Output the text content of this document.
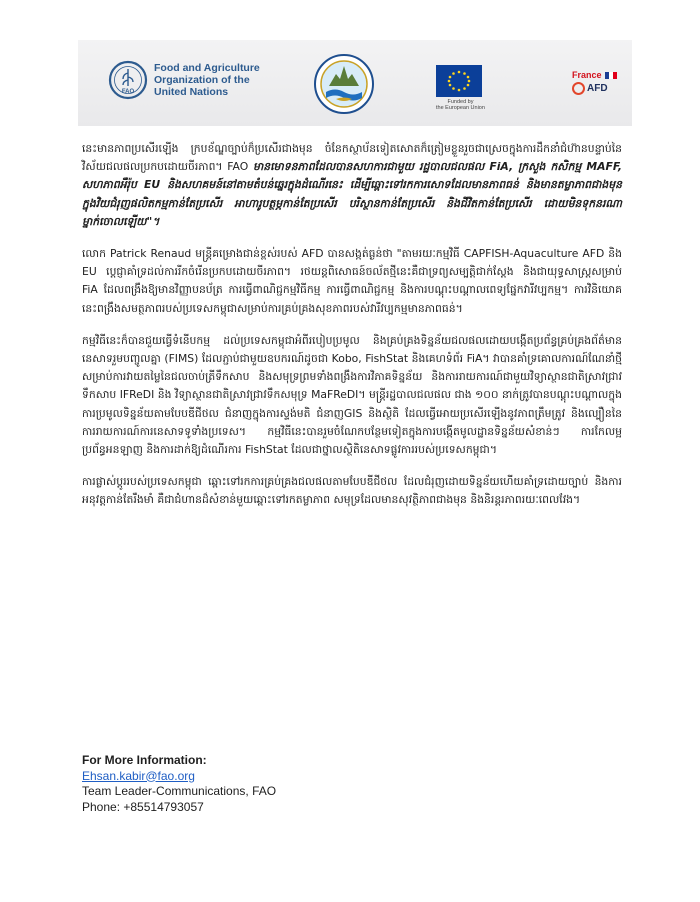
FAO
Food and Agriculture
Organization of the
United Nations
Funded by
the European Union
France
AFD

នេះមានភាពប្រសើរឡើង ក្របខ័ណ្ឌច្បាប់ក៏ប្រសើរជាងមុន ចំនែកស្ថាប័នទៀតសោតក៏ត្រៀមខ្លួនរួចជាស្រេចក្នុងការដឹកនាំជំហ៊ានបន្ទាប់នៃវិស័យជលផលប្រកបដោយចីរភាព។ FAO មានមោទនភាពដែលបានសហការជាមួយ រដ្ឋបាលជលផល FiA, ក្រសួង កសិកម្ម MAFF, សហភាពអឺរ៉ុប EU និងសហគមន៍នៅតាមតំបន់ឆ្នេរក្នុងដំណើរនេះ ដើម្បីឆ្ពោះទៅរកការសោទដែលមានភាពធន់ និងមានតម្លាភាពជាងមុន ក្នុងវិយជំរុញផលិតកម្មកាន់តែប្រសើរ អាហារូបត្ថម្ភកាន់តែប្រសើរ បរិស្ថានកាន់តែប្រសើរ និងជីវិតកាន់តែប្រសើរ ដោយមិនទុកនរណាម្នាក់ចោលឡើយ"។

លោក Patrick Renaud មន្ត្រីគម្រោងជាន់ខ្ពស់របស់ AFD បានសង្កត់ធ្ងន់ថា "តាមរយៈកម្មវិធី CAPFISH-Aquaculture AFD និង EU ប្តេជ្ញាគាំទ្រដល់ការរីកចំរើនប្រកបដោយចីរភាព។ រថយន្តពិសោធន៍ចល័តថ្មីនេះគឺជាទ្រព្យសម្បត្តិជាក់ស្តែង និងជាយុទ្ធសាស្ត្រសម្រាប់ FiA ដែលពង្រឹងឱ្យមានវិញ្ញាបនប័ត្រ ការធ្វើពាណិជ្ជកម្មវិធីកម្ម ការធ្វើពាណិជ្ជកម្ម និងការបណ្តុះបណ្តាលពេទ្យផ្នែកវារីវប្បកម្ម។ ការវិនិយោគនេះពង្រឹងសមត្ថភាពរបស់ប្រទេសកម្ពុជាសម្រាប់ការគ្រប់គ្រងសុខភាពរបស់វារីវប្បកម្មមានភាពធន់។

កម្មវិធីនេះក៏បានជួយធ្វើទំនើបកម្ម ដល់ប្រទេសកម្ពុជាអំពីរបៀបប្រមូល និងគ្រប់គ្រងទិន្នន័យជលផលដោយបង្កើតប្រព័ន្ធគ្រប់គ្រងព័ត៌មាននេសាទរួមបញ្ចូលគ្នា (FIMS) ដែលភ្ជាប់ជាមួយឧបករណ៍ដូចជា Kobo, FishStat និងគេហទំព័រ FiA។ វាបានគាំទ្រគោលការណ៍ណែនាំថ្មីសម្រាប់ការវាយតម្លៃនៃជលចាប់ត្រីទឹកសាប និងសមុទ្រព្រមទាំងពង្រឹងការវិភាគទិន្នន័យ និងការរាយការណ៍ជាមួយវិទ្យាស្ថានជាតិស្រាវជ្រាវទឹកសាប IFReDI និង វិទ្យាស្ថានជាតិស្រាវជ្រាវទឹកសមុទ្រ MaFReDI។ មន្ត្រីរដ្ឋបាលជលផល ជាង ១០០ នាក់ត្រូវបានបណ្តុះបណ្តាលក្នុងការប្រមូលទិន្នន័យតាមបែបឌីជីថល ជំនាញក្នុងការស្ទង់មតិ ជំនាញGIS និងស្ថិតិ ដែលធ្វើអោយប្រសើរឡើងនូវភាពត្រឹមត្រូវ និងល្បឿននៃការរាយការណ៍ការនេសាទទូទាំងប្រទេស។ កម្មវិធីនេះបានរួមចំណែកបន្ថែមទៀតក្នុងការបង្កើតមូលដ្ឋានទិន្នន័យសំខាន់ៗ ការកែលម្អប្រព័ន្ធអនឡាញ និងការដាក់ឱ្យដំណើរការ FishStat ដែលជាថ្នាលស្ថិតិនេសាទផ្លូវការរបស់ប្រទេសកម្ពុជា។

ការផ្លាស់ប្តូររបស់ប្រទេសកម្ពុជា ឆ្ពោះទៅរកការគ្រប់គ្រងជលផលតាមបែបឌីជីថល ដែលជំរុញដោយទិន្នន័យហើយគាំទ្រដោយច្បាប់ និងការអនុវត្តកាន់តែរឹងមាំ គឺជាជំហានដ៏សំខាន់មួយឆ្ពោះទៅរកតម្លាភាព សមុទ្រដែលមានសុវត្ថិភាពជាងមុន និងនិរន្តរភាពរយៈពេលវែង។

For More Information:
Ehsan.kabir@fao.org
Team Leader-Communications, FAO
Phone: +85514793057
